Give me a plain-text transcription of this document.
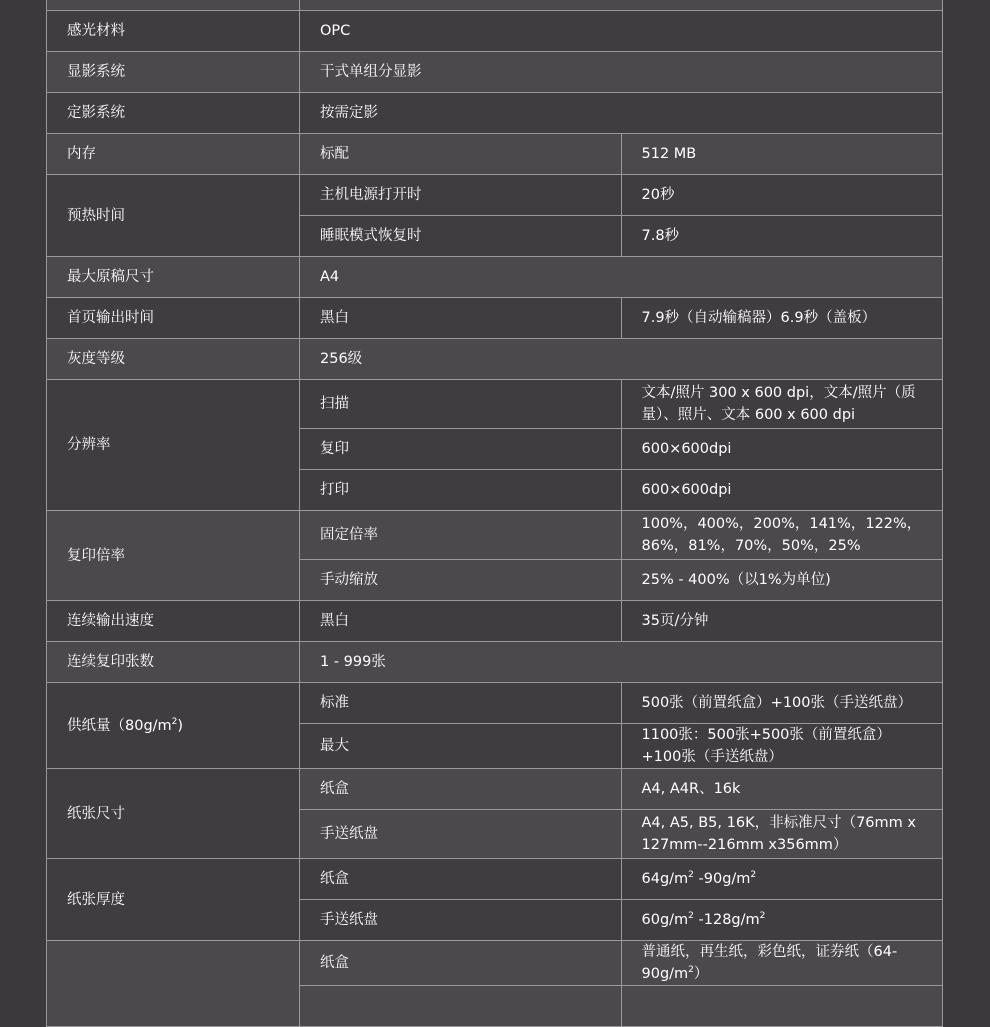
感光材料	OPC	
显影系统	干式单组分显影	
定影系统	按需定影	
内存	标配	512 MB
预热时间	主机电源打开时	20秒
	睡眠模式恢复时	7.8秒
最大原稿尺寸	A4	
首页输出时间	黑白	7.9秒（自动输稿器）6.9秒（盖板）
灰度等级	256级	
分辨率	扫描	文本/照片 300 x 600 dpi，文本/照片（质量）、照片、文本 600 x 600 dpi
	复印	600×600dpi
	打印	600×600dpi
复印倍率	固定倍率	100%，400%，200%，141%，122%，86%，81%，70%，50%，25%
	手动缩放	25% - 400%（以1%为单位)
连续输出速度	黑白	35页/分钟
连续复印张数	1 - 999张	
供纸量$(80g/m^2)$	标准	500张（前置纸盒）+100张（手送纸盘）
	最大	1100张：500张+500张（前置纸盒）+100张（手送纸盘）
纸张尺寸	纸盒	A4, A4R、16k
	手送纸盘	A4, A5, B5, 16K，非标准尺寸（76mm x 127mm--216mm x356mm）
纸张厚度	纸盒	$64g/m^2$ $-90g/m^2$
	手送纸盘	$60g/m^2$ $-128g/m^2$
	纸盒	普通纸，再生纸，彩色纸，证券纸$(64-90g/m^2)$
